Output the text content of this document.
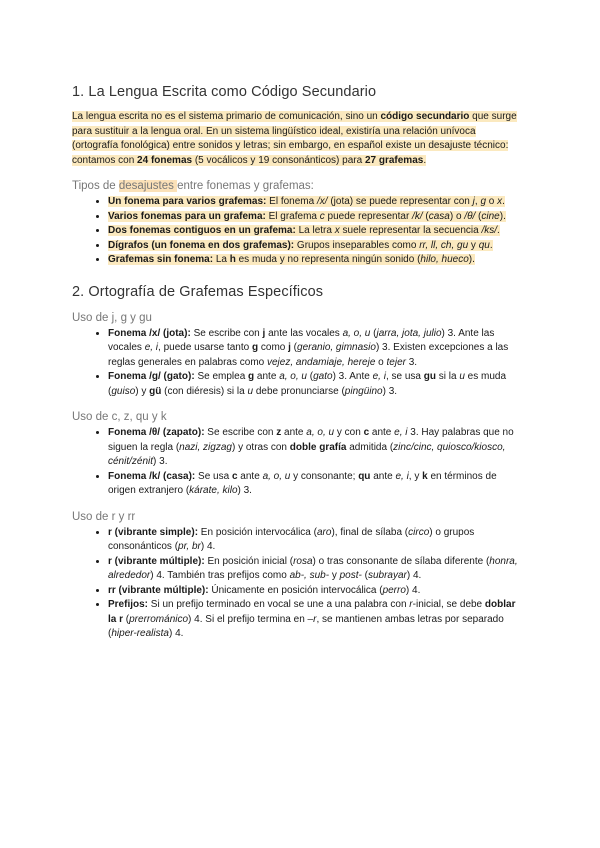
1. La Lengua Escrita como Código Secundario

La lengua escrita no es el sistema primario de comunicación, sino un código secundario que surge para sustituir a la lengua oral. En un sistema lingüístico ideal, existiría una relación unívoca (ortografía fonológica) entre sonidos y letras; sin embargo, en español existe un desajuste técnico: contamos con 24 fonemas (5 vocálicos y 19 consonánticos) para 27 grafemas.

Tipos de desajustes entre fonemas y grafemas:
• Un fonema para varios grafemas: El fonema /x/ (jota) se puede representar con j, g o x.
• Varios fonemas para un grafema: El grafema c puede representar /k/ (casa) o /θ/ (cine).
• Dos fonemas contiguos en un grafema: La letra x suele representar la secuencia /ks/.
• Dígrafos (un fonema en dos grafemas): Grupos inseparables como rr, ll, ch, gu y qu.
• Grafemas sin fonema: La h es muda y no representa ningún sonido (hilo, hueco).
2. Ortografía de Grafemas Específicos
Uso de j, g y gu
• Fonema /x/ (jota): Se escribe con j ante las vocales a, o, u (jarra, jota, julio) 3. Ante las vocales e, i, puede usarse tanto g como j (geranio, gimnasio) 3. Existen excepciones a las reglas generales en palabras como vejez, andamiaje, hereje o tejer 3.
• Fonema /g/ (gato): Se emplea g ante a, o, u (gato) 3. Ante e, i, se usa gu si la u es muda (guiso) y gü (con diéresis) si la u debe pronunciarse (pingüino) 3.
Uso de c, z, qu y k
• Fonema /θ/ (zapato): Se escribe con z ante a, o, u y con c ante e, i 3. Hay palabras que no siguen la regla (nazi, zigzag) y otras con doble grafía admitida (zinc/cinc, quiosco/kiosco, cénit/zénit) 3.
• Fonema /k/ (casa): Se usa c ante a, o, u y consonante; qu ante e, i, y k en términos de origen extranjero (kárate, kilo) 3.
Uso de r y rr
• r (vibrante simple): En posición intervocálica (aro), final de sílaba (circo) o grupos consonánticos (pr, br) 4.
• r (vibrante múltiple): En posición inicial (rosa) o tras consonante de sílaba diferente (honra, alrededor) 4. También tras prefijos como ab-, sub- y post- (subrayar) 4.
• rr (vibrante múltiple): Únicamente en posición intervocálica (perro) 4.
• Prefijos: Si un prefijo terminado en vocal se une a una palabra con r-inicial, se debe doblar la r (prerrománico) 4. Si el prefijo termina en –r, se mantienen ambas letras por separado (hiper-realista) 4.
